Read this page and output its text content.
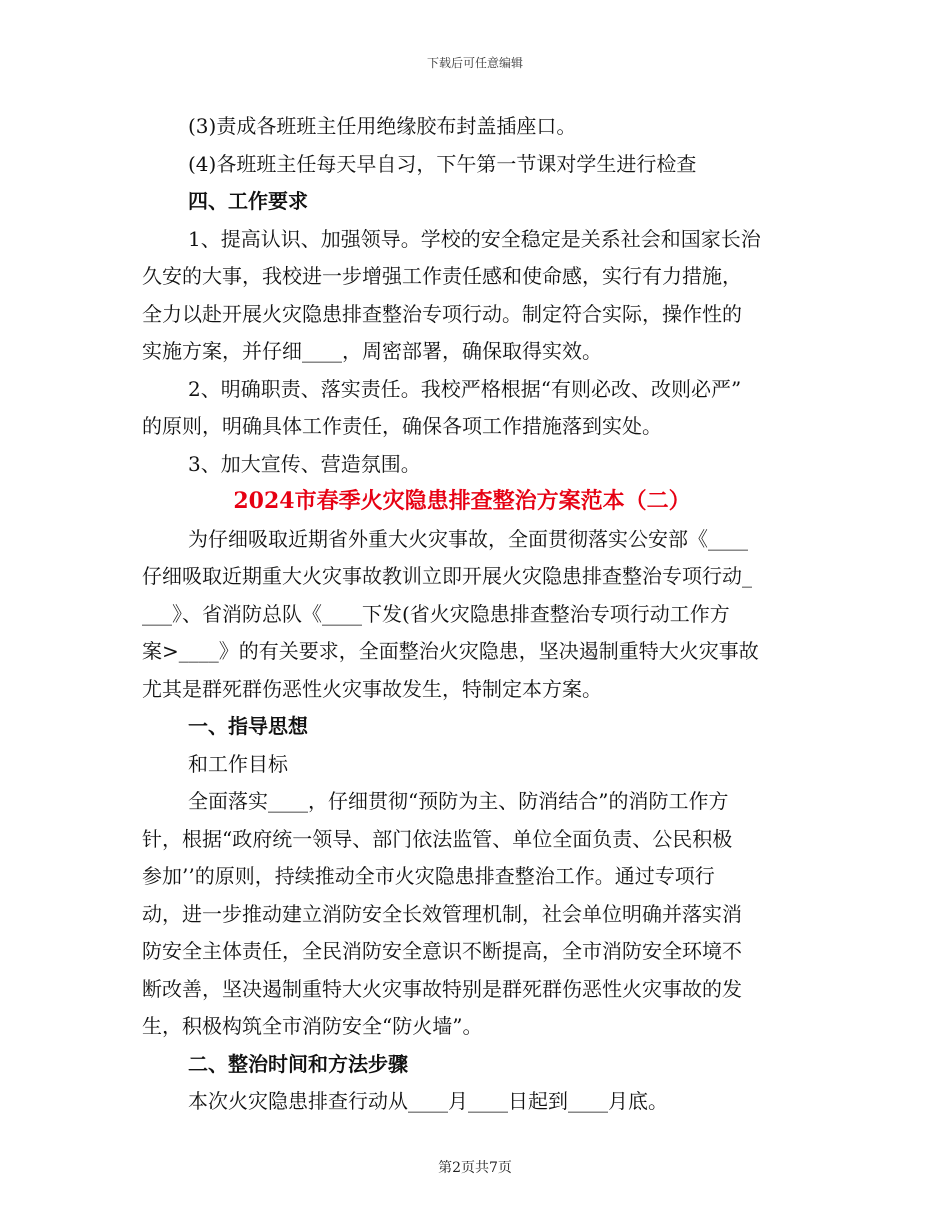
下载后可任意编辑
(3)责成各班班主任用绝缘胶布封盖插座口。
(4)各班班主任每天早自习，下午第一节课对学生进行检查
四、工作要求
1、提高认识、加强领导。学校的安全稳定是关系社会和国家长治
久安的大事，我校进一步增强工作责任感和使命感，实行有力措施，
全力以赴开展火灾隐患排查整治专项行动。制定符合实际，操作性的
实施方案，并仔细____，周密部署，确保取得实效。
2、明确职责、落实责任。我校严格根据“有则必改、改则必严”
的原则，明确具体工作责任，确保各项工作措施落到实处。
3、加大宣传、营造氛围。
2024市春季火灾隐患排查整治方案范本（二）
为仔细吸取近期省外重大火灾事故，全面贯彻落实公安部《____
仔细吸取近期重大火灾事故教训立即开展火灾隐患排查整治专项行动_
___》、省消防总队《____下发(省火灾隐患排查整治专项行动工作方
案>____》的有关要求，全面整治火灾隐患，坚决遏制重特大火灾事故
尤其是群死群伤恶性火灾事故发生，特制定本方案。
一、指导思想
和工作目标
全面落实____，仔细贯彻“预防为主、防消结合”的消防工作方
针，根据“政府统一领导、部门依法监管、单位全面负责、公民积极
参加’’的原则，持续推动全市火灾隐患排查整治工作。通过专项行
动，进一步推动建立消防安全长效管理机制，社会单位明确并落实消
防安全主体责任，全民消防安全意识不断提高，全市消防安全环境不
断改善，坚决遏制重特大火灾事故特别是群死群伤恶性火灾事故的发
生，积极构筑全市消防安全“防火墙”。
二、整治时间和方法步骤
本次火灾隐患排查行动从____月____日起到____月底。
第2页共7页
